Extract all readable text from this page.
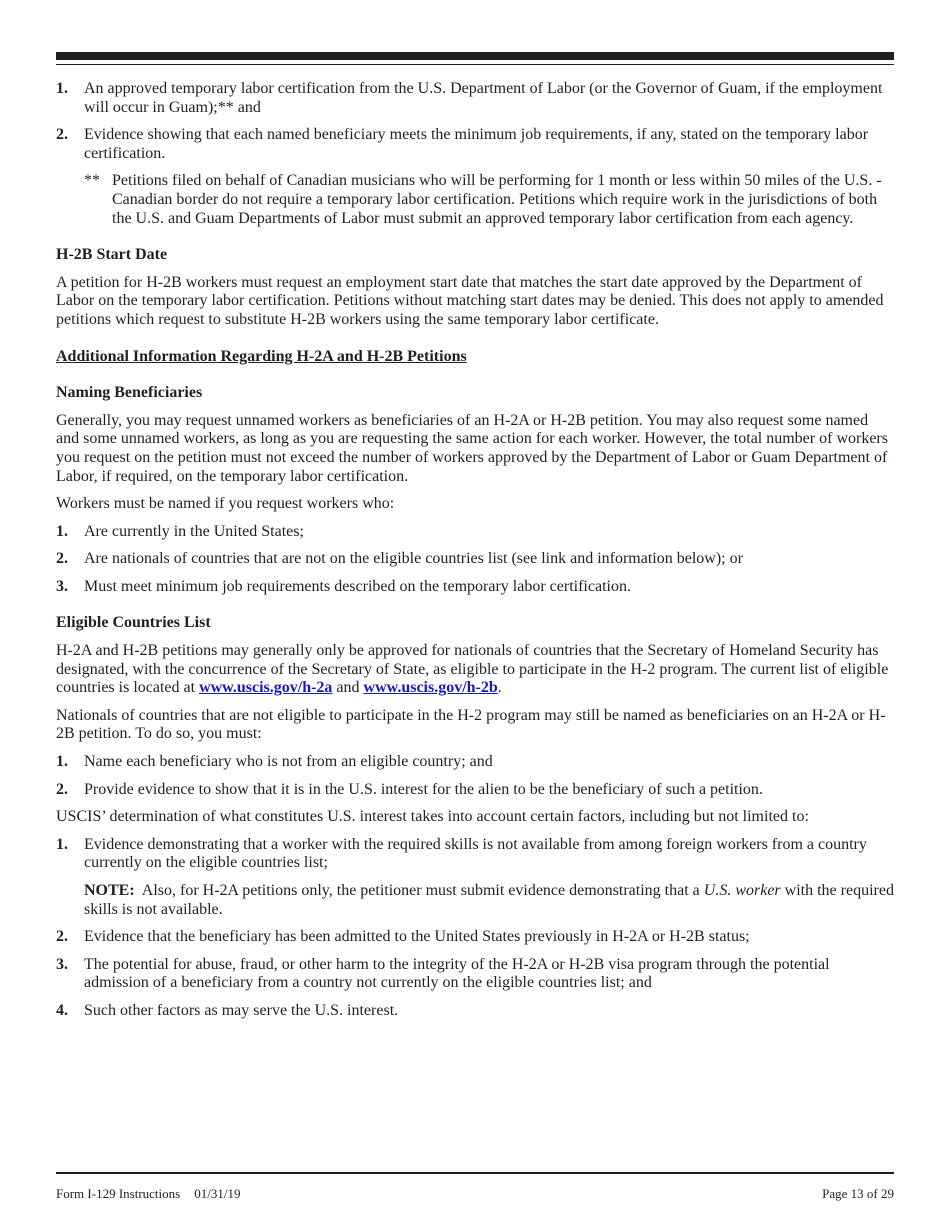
1.	An approved temporary labor certification from the U.S. Department of Labor (or the Governor of Guam, if the employment will occur in Guam);** and
2.	Evidence showing that each named beneficiary meets the minimum job requirements, if any, stated on the temporary labor certification.
** Petitions filed on behalf of Canadian musicians who will be performing for 1 month or less within 50 miles of the U.S. - Canadian border do not require a temporary labor certification. Petitions which require work in the jurisdictions of both the U.S. and Guam Departments of Labor must submit an approved temporary labor certification from each agency.
H-2B Start Date

A petition for H-2B workers must request an employment start date that matches the start date approved by the Department of Labor on the temporary labor certification. Petitions without matching start dates may be denied. This does not apply to amended petitions which request to substitute H-2B workers using the same temporary labor certificate.

Additional Information Regarding H-2A and H-2B Petitions
Naming Beneficiaries

Generally, you may request unnamed workers as beneficiaries of an H-2A or H-2B petition. You may also request some named and some unnamed workers, as long as you are requesting the same action for each worker. However, the total number of workers you request on the petition must not exceed the number of workers approved by the Department of Labor or Guam Department of Labor, if required, on the temporary labor certification.

Workers must be named if you request workers who:

1.	Are currently in the United States;
2.	Are nationals of countries that are not on the eligible countries list (see link and information below); or
3.	Must meet minimum job requirements described on the temporary labor certification.
Eligible Countries List

H-2A and H-2B petitions may generally only be approved for nationals of countries that the Secretary of Homeland Security has designated, with the concurrence of the Secretary of State, as eligible to participate in the H-2 program. The current list of eligible countries is located at www.uscis.gov/h-2a and www.uscis.gov/h-2b.

Nationals of countries that are not eligible to participate in the H-2 program may still be named as beneficiaries on an H-2A or H-2B petition. To do so, you must:

1.	Name each beneficiary who is not from an eligible country; and
2.	Provide evidence to show that it is in the U.S. interest for the alien to be the beneficiary of such a petition.

USCIS’ determination of what constitutes U.S. interest takes into account certain factors, including but not limited to:

1.	Evidence demonstrating that a worker with the required skills is not available from among foreign workers from a country currently on the eligible countries list;

NOTE:  Also, for H-2A petitions only, the petitioner must submit evidence demonstrating that a U.S. worker with the required skills is not available.

2.	Evidence that the beneficiary has been admitted to the United States previously in H-2A or H-2B status;
3.	The potential for abuse, fraud, or other harm to the integrity of the H-2A or H-2B visa program through the potential admission of a beneficiary from a country not currently on the eligible countries list; and
4.	Such other factors as may serve the U.S. interest.
Form I-129 Instructions 01/31/19	Page 13 of 29
